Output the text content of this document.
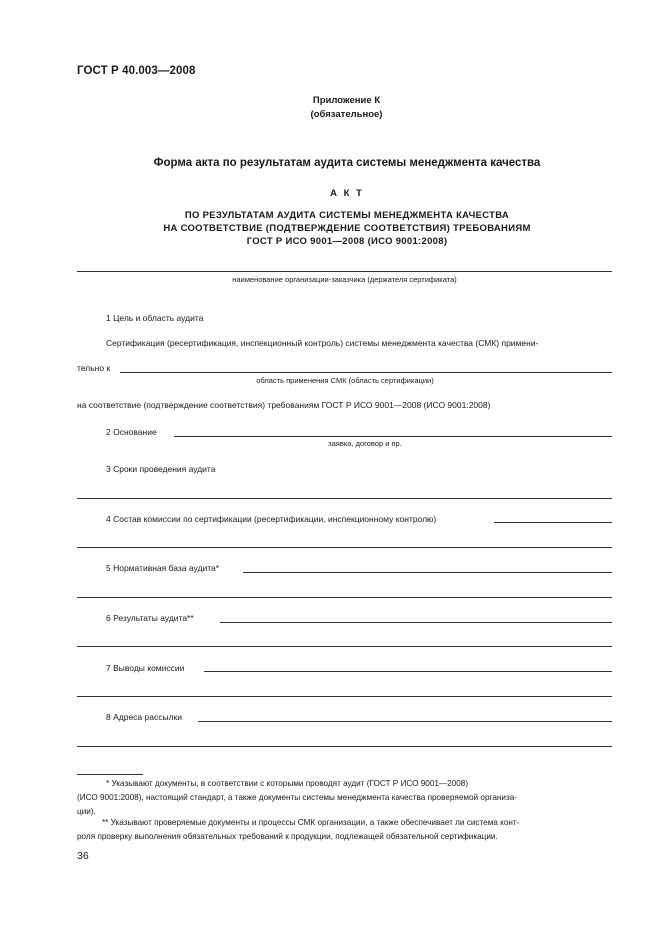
ГОСТ Р 40.003—2008
Приложение К
(обязательное)
Форма акта по результатам аудита системы менеджмента качества
А К Т
ПО РЕЗУЛЬТАТАМ АУДИТА СИСТЕМЫ МЕНЕДЖМЕНТА КАЧЕСТВА
НА СООТВЕТСТВИЕ (ПОДТВЕРЖДЕНИЕ СООТВЕТСТВИЯ) ТРЕБОВАНИЯМ
ГОСТ Р ИСО 9001—2008 (ИСО 9001:2008)
наименование организации-заказчика (держателя сертификата)
1 Цель и область аудита
Сертификация (ресертификация, инспекционный контроль) системы менеджмента качества (СМК) примени-
тельно к
область применения СМК (область сертификации)
на соответствие (подтверждение соответствия) требованиям ГОСТ Р ИСО 9001—2008 (ИСО 9001:2008)
2 Основание
заявка, договор и пр.
3 Сроки проведения аудита
4 Состав комиссии по сертификации (ресертификации, инспекционному контролю)
5 Нормативная база аудита*
6 Результаты аудита**
7 Выводы комиссии
8 Адреса рассылки
* Указывают документы, в соответствии с которыми проводят аудит (ГОСТ Р ИСО 9001—2008)
(ИСО 9001:2008), настоящий стандарт, а также документы системы менеджмента качества проверяемой организа-
ции).
** Указывают проверяемые документы и процессы СМК организации, а также обеспечивает ли система конт-
роля проверку выполнения обязательных требований к продукции, подлежащей обязательной сертификации.
36
